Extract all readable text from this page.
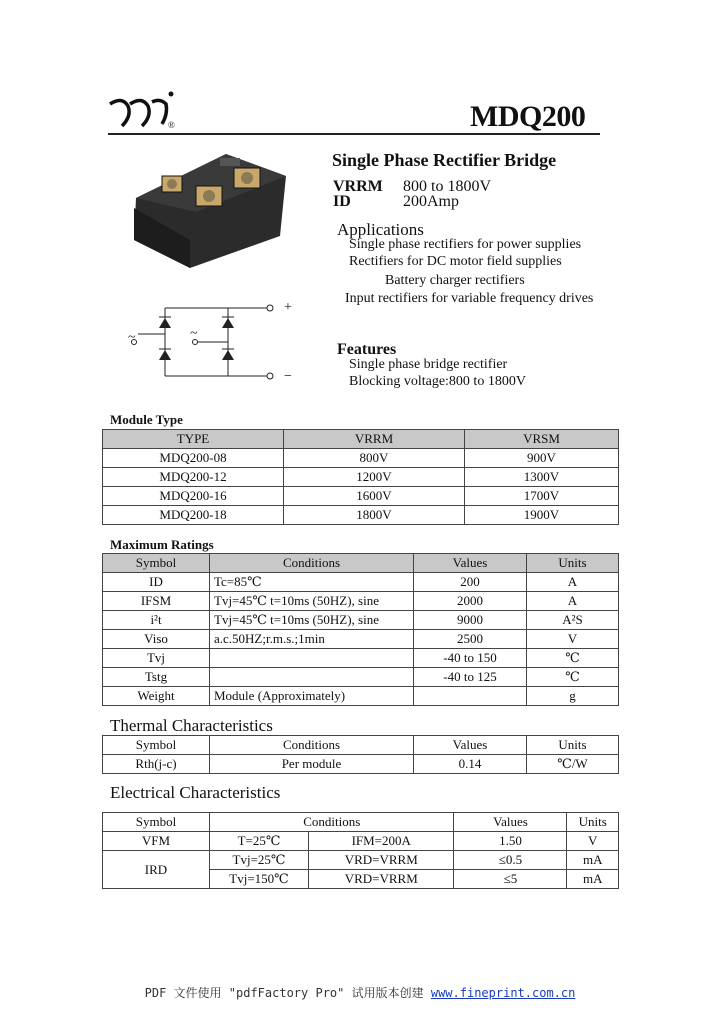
®	MDQ200
~	~
+
−
Single Phase Rectifier Bridge
VRRM 800 to 1800V
ID	200Amp
Applications
Single phase rectifiers for power supplies
Rectifiers for DC motor field supplies
Battery charger rectifiers
Input rectifiers for variable frequency drives
Features
Single phase bridge rectifier
Blocking voltage:800 to 1800V
Module Type
TYPE	VRRM	VRSM
MDQ200-08	800V	900V
MDQ200-12	1200V	1300V
MDQ200-16	1600V	1700V
MDQ200-18	1800V	1900V
Maximum Ratings
Symbol	Conditions	Values	Units
ID	Tc=85℃	200	A
IFSM	Tvj=45℃ t=10ms (50HZ), sine	2000	A
i²t	Tvj=45℃ t=10ms (50HZ), sine	9000	A²S
Viso	a.c.50HZ;r.m.s.;1min	2500	V
Tvj		-40 to 150	℃
Tstg		-40 to 125	℃
Weight	Module (Approximately)		g
Thermal Characteristics
Symbol	Conditions	Values	Units
Rth(j-c)	Per module	0.14	℃/W
Electrical Characteristics
Symbol	Conditions		Values	Units
VFM	T=25℃	IFM=200A	1.50	V
IRD	Tvj=25℃	VRD=VRRM	≤0.5	mA
	Tvj=150℃	VRD=VRRM	≤5	mA
PDF 文件使用 "pdfFactory Pro" 试用版本创建 www.fineprint.com.cn
